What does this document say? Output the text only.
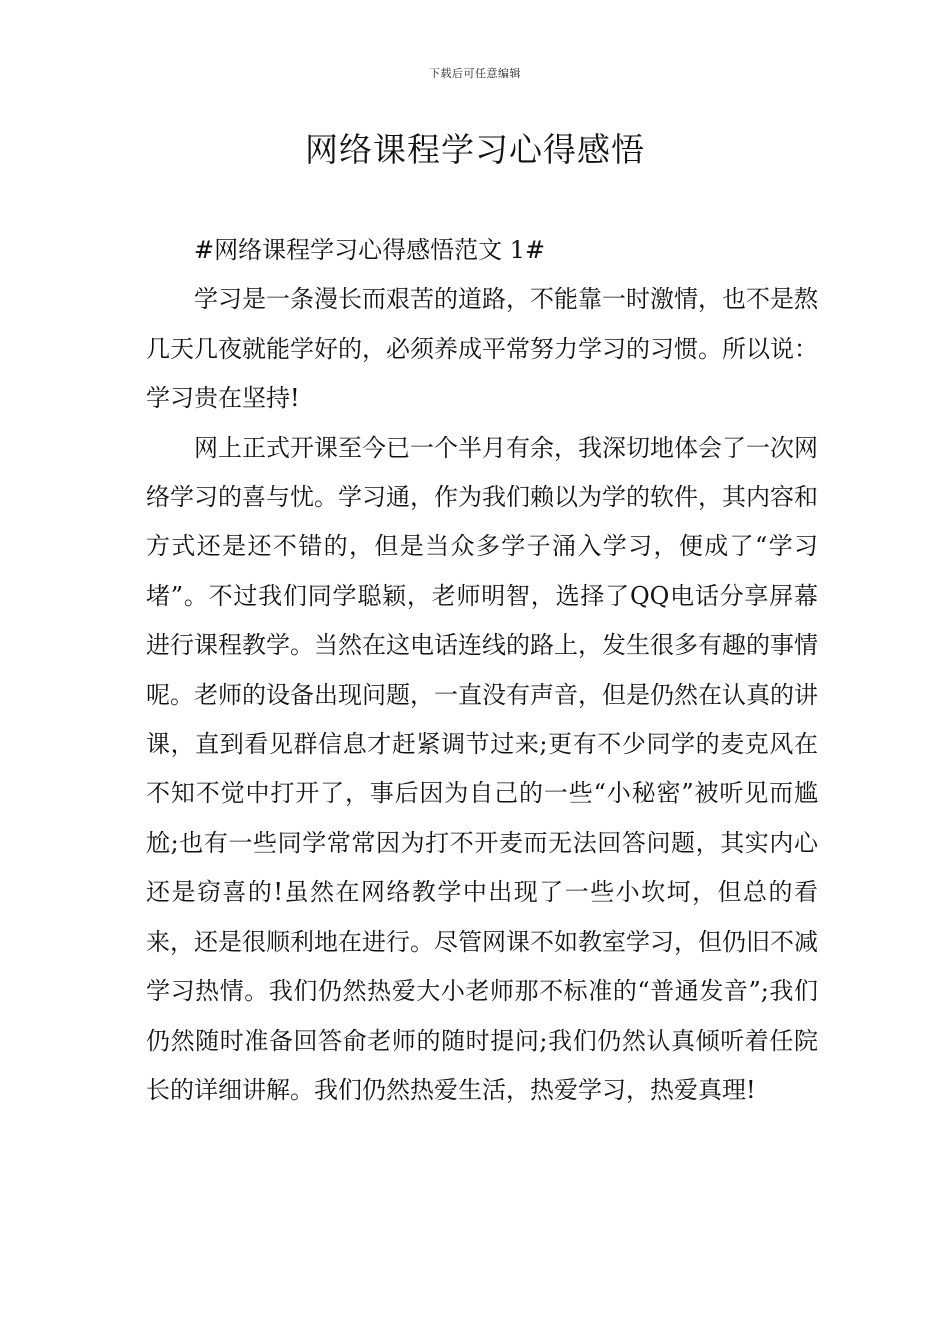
下载后可任意编辑
网络课程学习心得感悟

#网络课程学习心得感悟范文 1#

学习是一条漫长而艰苦的道路，不能靠一时激情，也不是熬几天几夜就能学好的，必须养成平常努力学习的习惯。所以说：学习贵在坚持!

网上正式开课至今已一个半月有余，我深切地体会了一次网络学习的喜与忧。学习通，作为我们赖以为学的软件，其内容和方式还是还不错的，但是当众多学子涌入学习，便成了“学习堵”。不过我们同学聪颖，老师明智，选择了QQ电话分享屏幕进行课程教学。当然在这电话连线的路上，发生很多有趣的事情呢。老师的设备出现问题，一直没有声音，但是仍然在认真的讲课，直到看见群信息才赶紧调节过来;更有不少同学的麦克风在不知不觉中打开了，事后因为自己的一些“小秘密”被听见而尴尬;也有一些同学常常因为打不开麦而无法回答问题，其实内心还是窃喜的!虽然在网络教学中出现了一些小坎坷，但总的看来，还是很顺利地在进行。尽管网课不如教室学习，但仍旧不减学习热情。我们仍然热爱大小老师那不标准的“普通发音”;我们仍然随时准备回答俞老师的随时提问;我们仍然认真倾听着任院长的详细讲解。我们仍然热爱生活，热爱学习，热爱真理!
